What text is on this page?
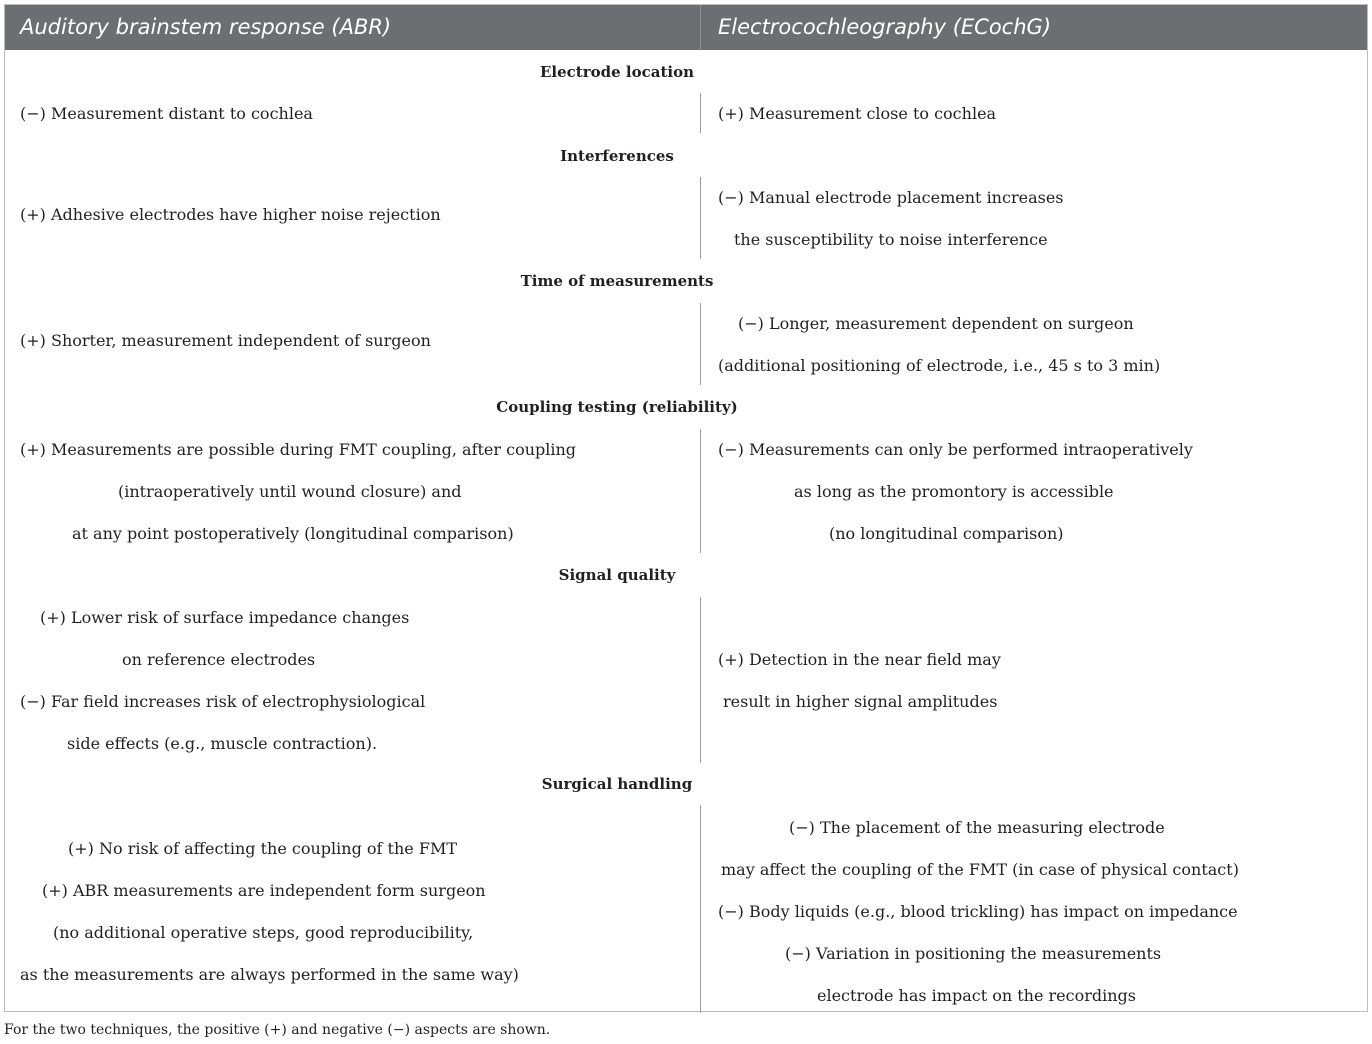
Auditory brainstem response (ABR)	Electrocochleography (ECochG)
Electrode location
(−) Measurement distant to cochlea	(+) Measurement close to cochlea
Interferences
(+) Adhesive electrodes have higher noise rejection
(−) Manual electrode placement increases
the susceptibility to noise interference
Time of measurements
(+) Shorter, measurement independent of surgeon
(−) Longer, measurement dependent on surgeon
(additional positioning of electrode, i.e., 45 s to 3 min)
Coupling testing (reliability)
(+) Measurements are possible during FMT coupling, after coupling
(intraoperatively until wound closure) and
at any point postoperatively (longitudinal comparison)
(−) Measurements can only be performed intraoperatively
as long as the promontory is accessible
(no longitudinal comparison)
Signal quality
(+) Lower risk of surface impedance changes
on reference electrodes
(−) Far field increases risk of electrophysiological
side effects (e.g., muscle contraction).
(+) Detection in the near field may
result in higher signal amplitudes
Surgical handling
(+) No risk of affecting the coupling of the FMT
(+) ABR measurements are independent form surgeon
(no additional operative steps, good reproducibility,
as the measurements are always performed in the same way)
(−) The placement of the measuring electrode
may affect the coupling of the FMT (in case of physical contact)
(−) Body liquids (e.g., blood trickling) has impact on impedance
(−) Variation in positioning the measurements
electrode has impact on the recordings
For the two techniques, the positive (+) and negative (−) aspects are shown.
